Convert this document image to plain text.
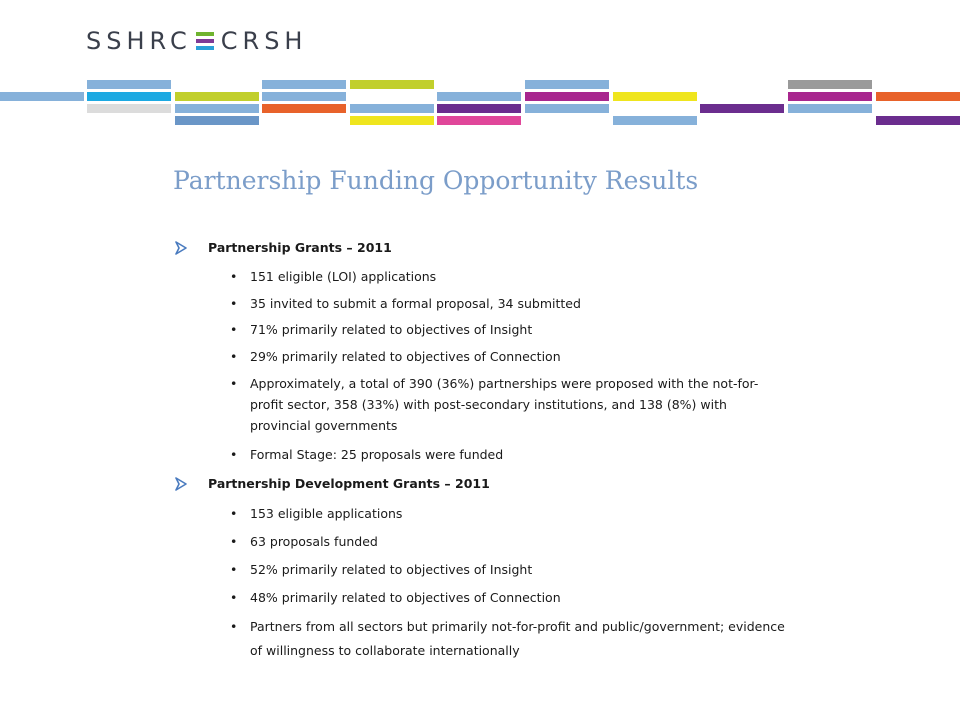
SSHRC CRSH
Partnership Funding Opportunity Results
Partnership Grants – 2011
• 151 eligible (LOI) applications
• 35 invited to submit a formal proposal, 34 submitted
• 71% primarily related to objectives of Insight
• 29% primarily related to objectives of Connection
• Approximately, a total of 390 (36%) partnerships were proposed with the not-for-profit sector, 358 (33%) with post-secondary institutions, and 138 (8%) with provincial governments
• Formal Stage: 25 proposals were funded
Partnership Development Grants – 2011
• 153 eligible applications
• 63 proposals funded
• 52% primarily related to objectives of Insight
• 48% primarily related to objectives of Connection
• Partners from all sectors but primarily not-for-profit and public/government; evidence of willingness to collaborate internationally
